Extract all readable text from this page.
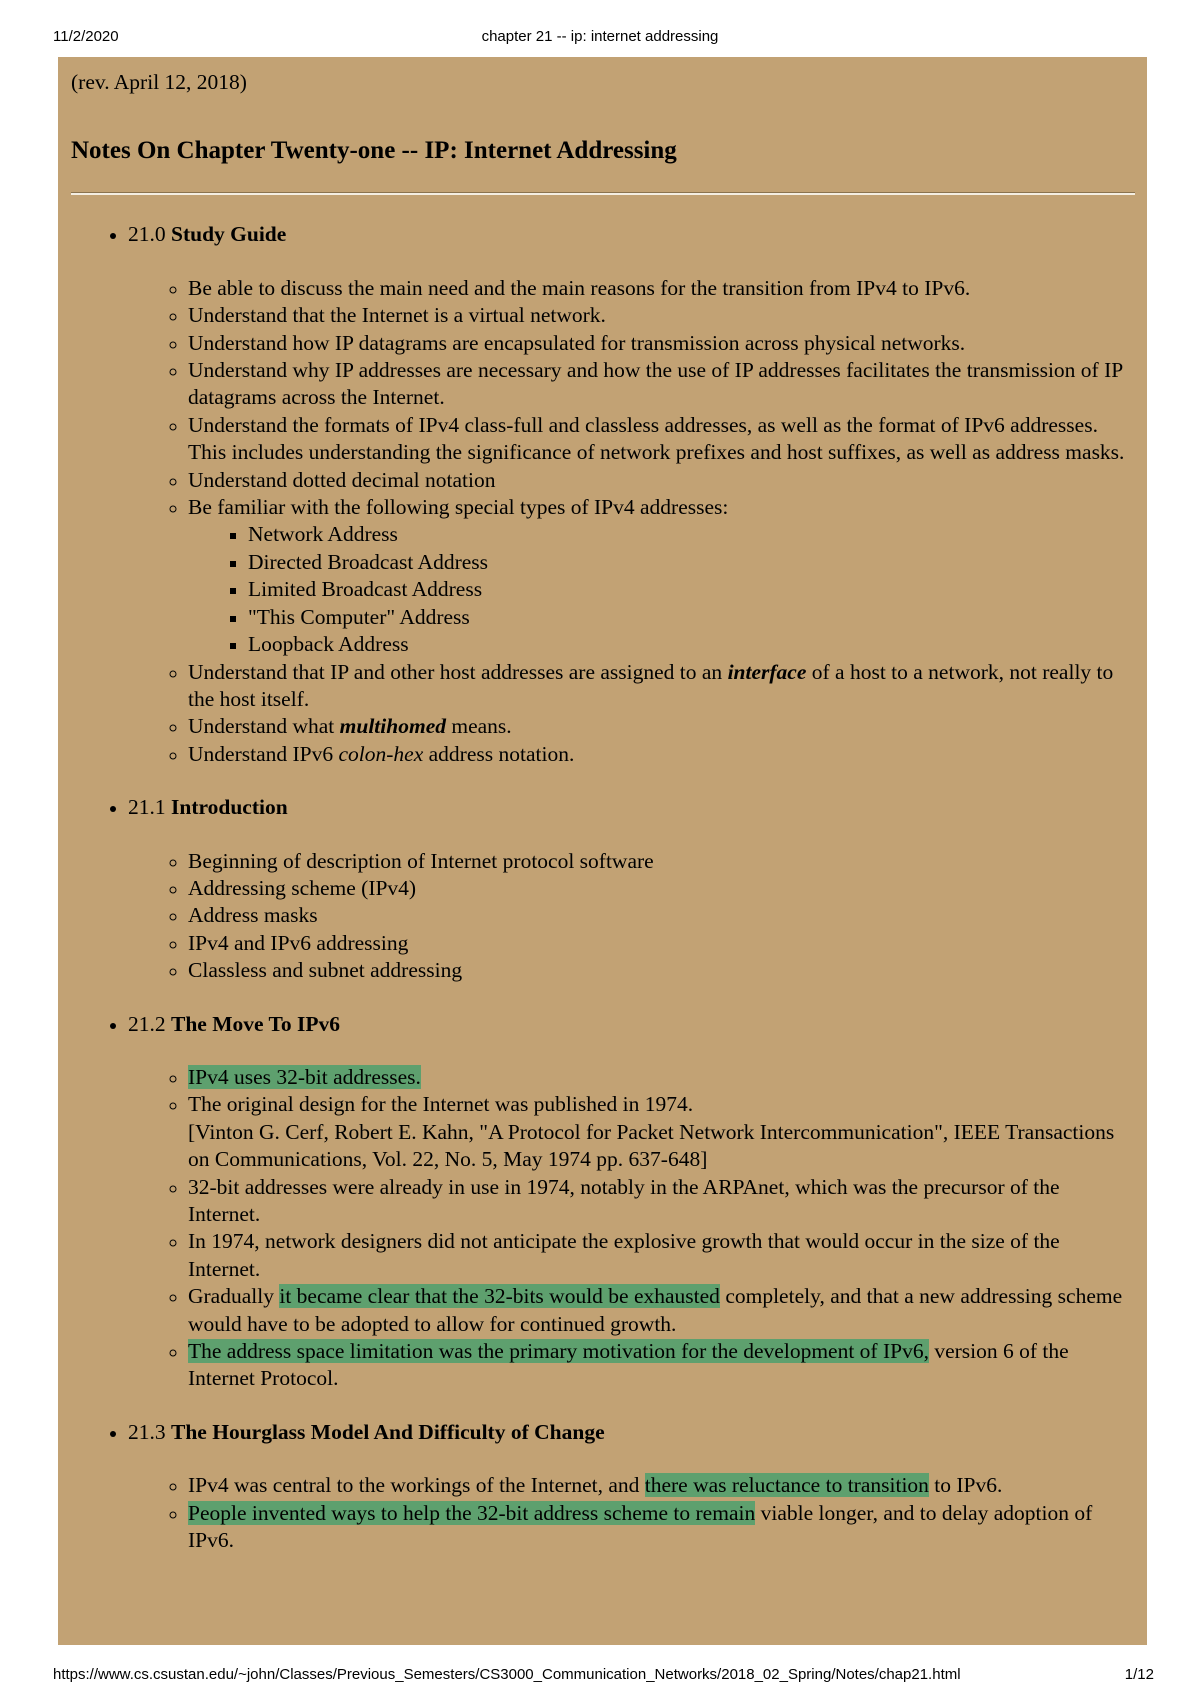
11/2/2020	chapter 21 -- ip: internet addressing

(rev. April 12, 2018)

Notes On Chapter Twenty-one -- IP: Internet Addressing
• 21.0 Study Guide
◦ Be able to discuss the main need and the main reasons for the transition from IPv4 to IPv6.
◦ Understand that the Internet is a virtual network.
◦ Understand how IP datagrams are encapsulated for transmission across physical networks.
◦ Understand why IP addresses are necessary and how the use of IP addresses facilitates the transmission of IP datagrams across the Internet.
◦ Understand the formats of IPv4 class-full and classless addresses, as well as the format of IPv6 addresses. This includes understanding the significance of network prefixes and host suffixes, as well as address masks.
◦ Understand dotted decimal notation
◦ Be familiar with the following special types of IPv4 addresses:
▪ Network Address
▪ Directed Broadcast Address
▪ Limited Broadcast Address
▪ "This Computer" Address
▪ Loopback Address
◦ Understand that IP and other host addresses are assigned to an interface of a host to a network, not really to the host itself.
◦ Understand what multihomed means.
◦ Understand IPv6 colon-hex address notation.
• 21.1 Introduction
◦ Beginning of description of Internet protocol software
◦ Addressing scheme (IPv4)
◦ Address masks
◦ IPv4 and IPv6 addressing
◦ Classless and subnet addressing
• 21.2 The Move To IPv6
◦ IPv4 uses 32-bit addresses.
◦ The original design for the Internet was published in 1974.
[Vinton G. Cerf, Robert E. Kahn, "A Protocol for Packet Network Intercommunication", IEEE Transactions on Communications, Vol. 22, No. 5, May 1974 pp. 637-648]
◦ 32-bit addresses were already in use in 1974, notably in the ARPAnet, which was the precursor of the Internet.
◦ In 1974, network designers did not anticipate the explosive growth that would occur in the size of the Internet.
◦ Gradually it became clear that the 32-bits would be exhausted completely, and that a new addressing scheme would have to be adopted to allow for continued growth.
◦ The address space limitation was the primary motivation for the development of IPv6, version 6 of the Internet Protocol.
• 21.3 The Hourglass Model And Difficulty of Change
◦ IPv4 was central to the workings of the Internet, and there was reluctance to transition to IPv6.
◦ People invented ways to help the 32-bit address scheme to remain viable longer, and to delay adoption of IPv6.
https://www.cs.csustan.edu/~john/Classes/Previous_Semesters/CS3000_Communication_Networks/2018_02_Spring/Notes/chap21.html	1/12
